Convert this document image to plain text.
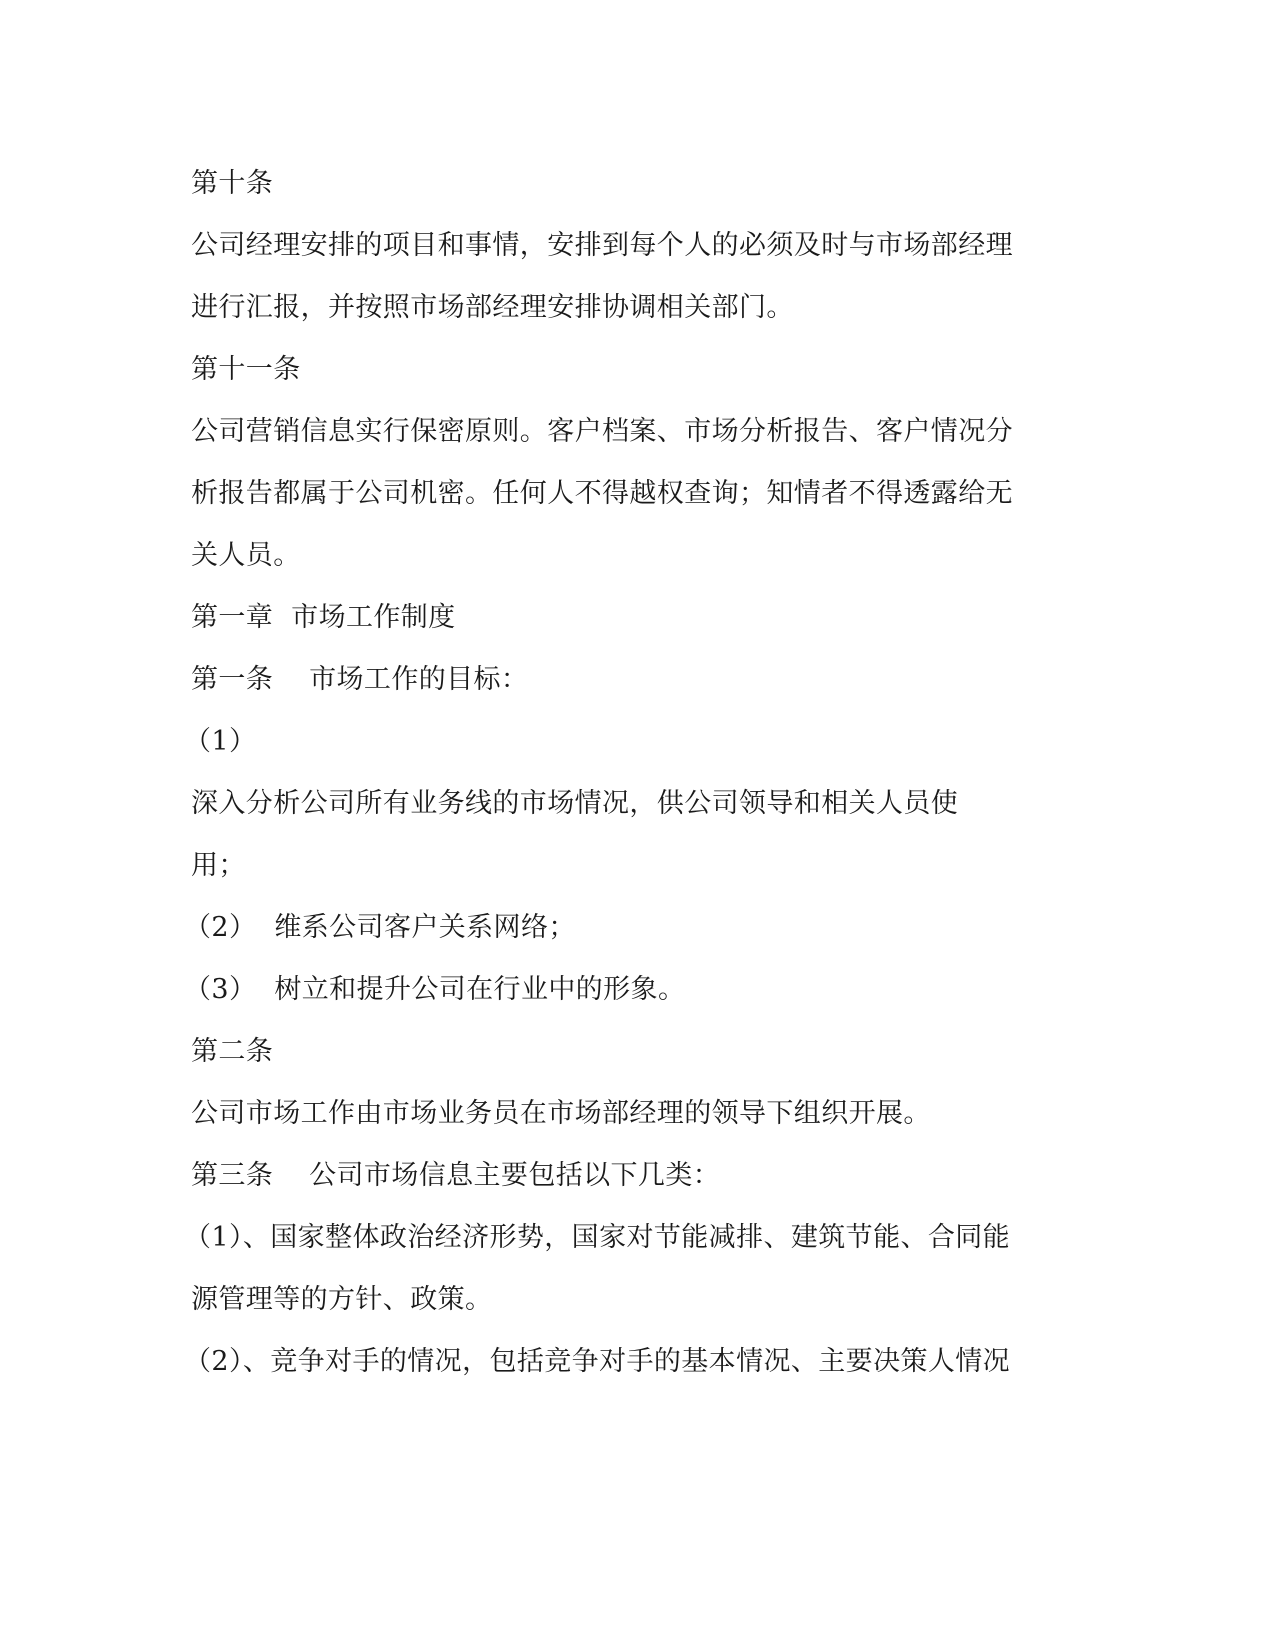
第十条
公司经理安排的项目和事情，安排到每个人的必须及时与市场部经理
进行汇报，并按照市场部经理安排协调相关部门。
第十一条
公司营销信息实行保密原则。客户档案、市场分析报告、客户情况分
析报告都属于公司机密。任何人不得越权查询；知情者不得透露给无
关人员。
第一章  市场工作制度
第一条    市场工作的目标：
（1）
深入分析公司所有业务线的市场情况，供公司领导和相关人员使
用；
（2）  维系公司客户关系网络；
（3）  树立和提升公司在行业中的形象。
第二条
公司市场工作由市场业务员在市场部经理的领导下组织开展。
第三条    公司市场信息主要包括以下几类：
（1）、国家整体政治经济形势，国家对节能减排、建筑节能、合同能
源管理等的方针、政策。
（2）、竞争对手的情况，包括竞争对手的基本情况、主要决策人情况
